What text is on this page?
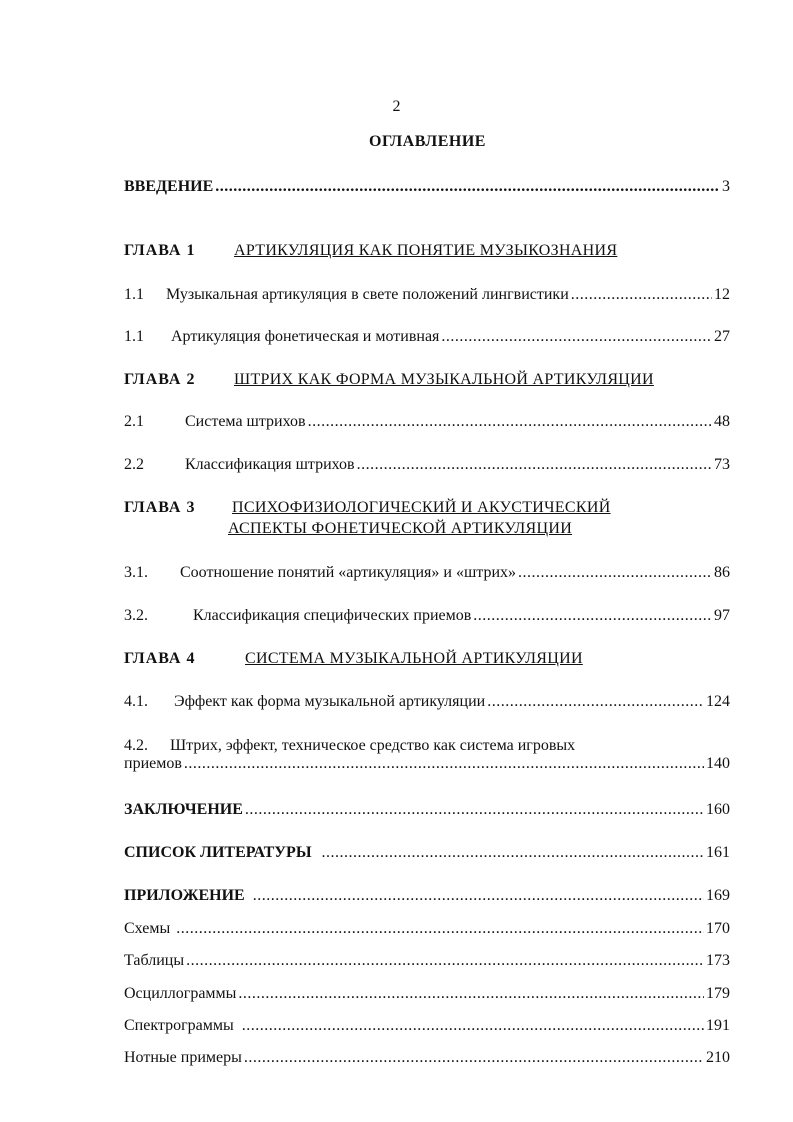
2
ОГЛАВЛЕНИЕ
ВВЕДЕНИЕ .....	3
ГЛАВА 1 АРТИКУЛЯЦИЯ КАК ПОНЯТИЕ МУЗЫКОЗНАНИЯ
1.1	Музыкальная артикуляция в свете положений лингвистики .....	12
1.1	Артикуляция фонетическая и мотивная .....	27
ГЛАВА 2 ШТРИХ КАК ФОРМА МУЗЫКАЛЬНОЙ АРТИКУЛЯЦИИ
2.1	Система штрихов .....	48
2.2	Классификация штрихов .....	73
ГЛАВА 3 ПСИХОФИЗИОЛОГИЧЕСКИЙ И АКУСТИЧЕСКИЙ
АСПЕКТЫ ФОНЕТИЧЕСКОЙ АРТИКУЛЯЦИИ
3.1.	Соотношение понятий «артикуляция» и «штрих» .....	86
3.2.	Классификация специфических приемов .....	97
ГЛАВА 4	СИСТЕМА МУЗЫКАЛЬНОЙ АРТИКУЛЯЦИИ
4.1.	Эффект как форма музыкальной артикуляции .....	124
4.2. Штрих, эффект, техническое средство как система игровых
приемов .....	140
ЗАКЛЮЧЕНИЕ .....	160
СПИСОК ЛИТЕРАТУРЫ .....	161
ПРИЛОЖЕНИЕ .....	169
Схемы .....	170
Таблицы .....	173
Осциллограммы .....	179
Спектрограммы .....	191
Нотные примеры .....	210
